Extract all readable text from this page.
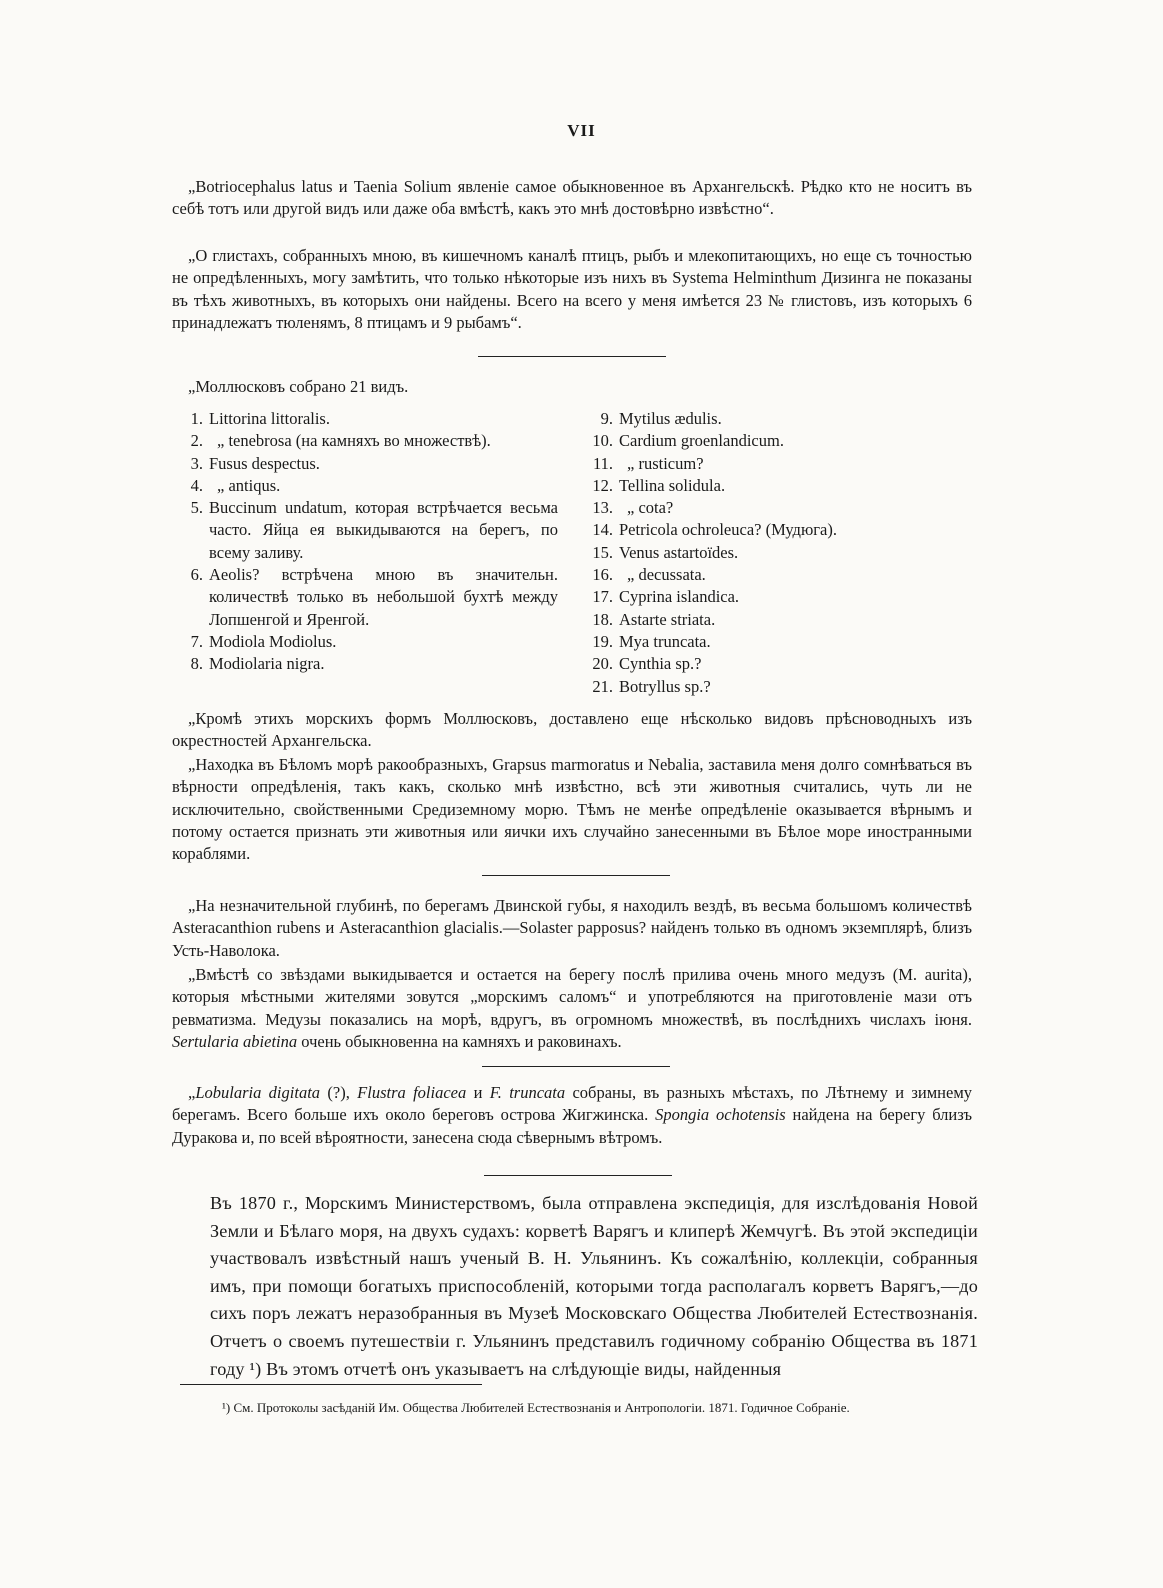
VII
„Botriocephalus latus и Taenia Solium явленіе самое обыкновенное въ Архангельскѣ. Рѣдко кто не носитъ въ себѣ тотъ или другой видъ или даже оба вмѣстѣ, какъ это мнѣ достовѣрно извѣстно“.
„О глистахъ, собранныхъ мною, въ кишечномъ каналѣ птицъ, рыбъ и млекопитающихъ, но еще съ точностью не опредѣленныхъ, могу замѣтить, что только нѣкоторые изъ нихъ въ Systema Helminthum Дизинга не показаны въ тѣхъ животныхъ, въ которыхъ они найдены. Всего на всего у меня имѣется 23 № глистовъ, изъ которыхъ 6 принадлежатъ тюленямъ, 8 птицамъ и 9 рыбамъ“.
„Моллюсковъ собрано 21 видъ.
1. Littorina littoralis.
2. „ tenebrosa (на камняхъ во множествѣ).
3. Fusus despectus.
4. „ antiqus.
5. Buccinum undatum, которая встрѣчается весьма часто. Яйца ея выкидываются на берегъ, по всему заливу.
6. Aeolis? встрѣчена мною въ значительн. количествѣ только въ небольшой бухтѣ между Лопшенгой и Яренгой.
7. Modiola Modiolus.
8. Modiolaria nigra.
9. Mytilus ædulis.
10. Cardium groenlandicum.
11. „ rusticum?
12. Tellina solidula.
13. „ cota?
14. Petricola ochroleuca? (Мудюга).
15. Venus astartoїdes.
16. „ decussata.
17. Cyprina islandica.
18. Astarte striata.
19. Mya truncata.
20. Cynthia sp.?
21. Botryllus sp.?
„Кромѣ этихъ морскихъ формъ Моллюсковъ, доставлено еще нѣсколько видовъ прѣсноводныхъ изъ окрестностей Архангельска.
„Находка въ Бѣломъ морѣ ракообразныхъ, Grapsus marmoratus и Nebalia, заставила меня долго сомнѣваться въ вѣрности опредѣленія, такъ какъ, сколько мнѣ извѣстно, всѣ эти животныя считались, чуть ли не исключительно, свойственными Средиземному морю. Тѣмъ не менѣе опредѣленіе оказывается вѣрнымъ и потому остается признать эти животныя или яички ихъ случайно занесенными въ Бѣлое море иностранными кораблями.
„На незначительной глубинѣ, по берегамъ Двинской губы, я находилъ вездѣ, въ весьма большомъ количествѣ Asteracanthion rubens и Asteracanthion glacialis.—Solaster papposus? найденъ только въ одномъ экземплярѣ, близъ Усть-Наволока.
„Вмѣстѣ со звѣздами выкидывается и остается на берегу послѣ прилива очень много медузъ (M. aurita), которыя мѣстными жителями зовутся „морскимъ саломъ“ и употребляются на приготовленіе мази отъ ревматизма. Медузы показались на морѣ, вдругъ, въ огромномъ множествѣ, въ послѣднихъ числахъ іюня. Sertularia abietina очень обыкновенна на камняхъ и раковинахъ.
„Lobularia digitata (?), Flustra foliacea и F. truncata собраны, въ разныхъ мѣстахъ, по Лѣтнему и зимнему берегамъ. Всего больше ихъ около береговъ острова Жигжинска. Spongia ochotensis найдена на берегу близъ Дуракова и, по всей вѣроятности, занесена сюда сѣвернымъ вѣтромъ.
Въ 1870 г., Морскимъ Министерствомъ, была отправлена экспедиція, для изслѣдованія Новой Земли и Бѣлаго моря, на двухъ судахъ: корветѣ Варягъ и клиперѣ Жемчугѣ. Въ этой экспедиціи участвовалъ извѣстный нашъ ученый В. Н. Ульянинъ. Къ сожалѣнію, коллекціи, собранныя имъ, при помощи богатыхъ приспособленій, которыми тогда располагалъ корветъ Варягъ,—до сихъ поръ лежатъ неразобранныя въ Музеѣ Московскаго Общества Любителей Естествознанія. Отчетъ о своемъ путешествіи г. Ульянинъ представилъ годичному собранію Общества въ 1871 году ¹) Въ этомъ отчетѣ онъ указываетъ на слѣдующіе виды, найденныя
¹) См. Протоколы засѣданій Им. Общества Любителей Естествознанія и Антропологіи. 1871. Годичное Собраніе.
